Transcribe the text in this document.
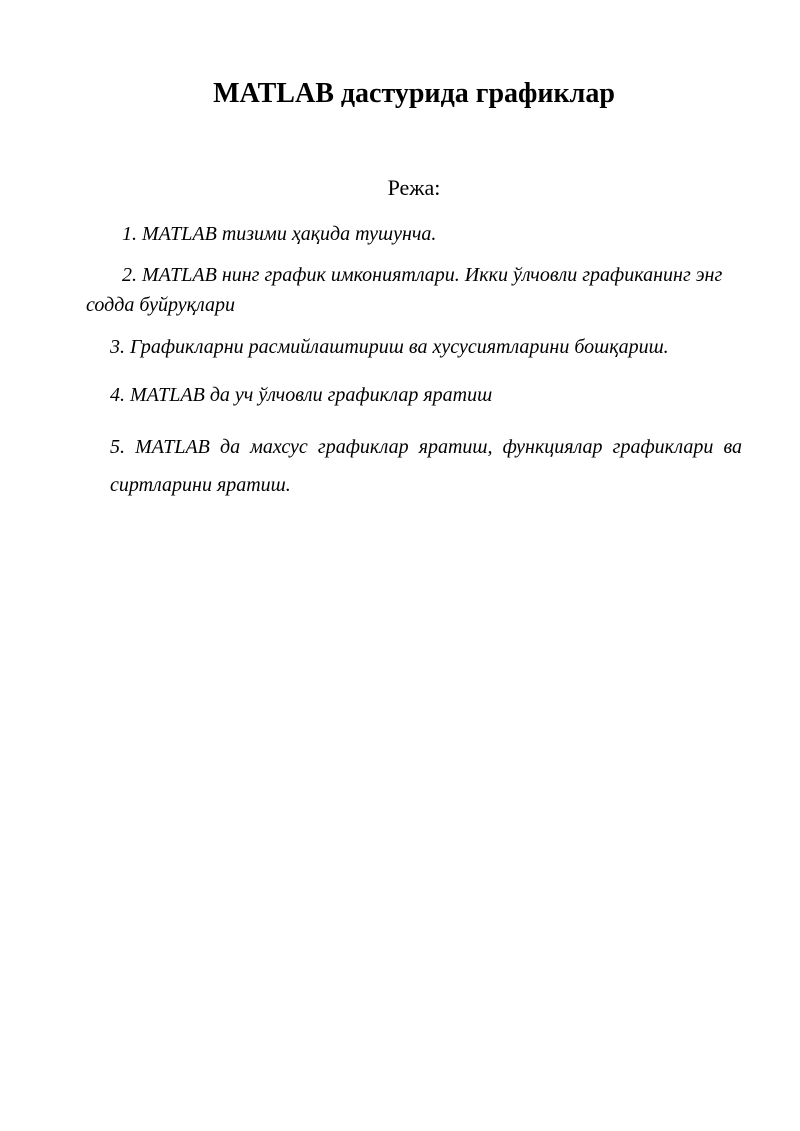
MATLAB дастурида графиклар

Режа:

1. MATLAB тизими ҳақида тушунча.

2. MATLAB нинг график имкониятлари. Икки ўлчовли графиканинг энг содда буйруқлари

3. Графикларни расмийлаштириш ва хусусиятларини бошқариш.

4. MATLAB да уч ўлчовли графиклар яратиш

5. MATLAB да махсус графиклар яратиш, функциялар графиклари ва сиртларини яратиш.
